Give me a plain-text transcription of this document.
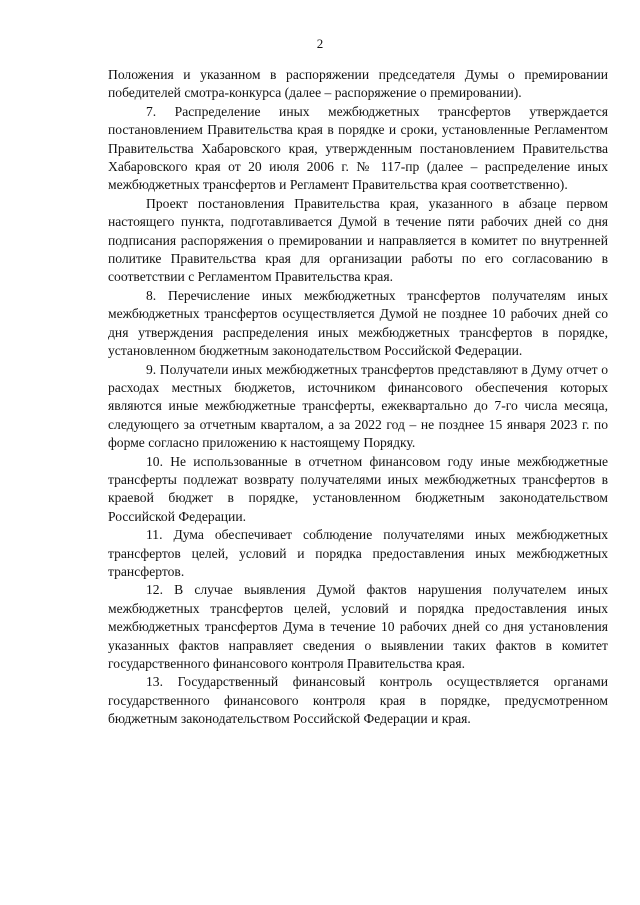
2

Положения и указанном в распоряжении председателя Думы о премировании победителей смотра-конкурса (далее – распоряжение о премировании).

7. Распределение иных межбюджетных трансфертов утверждается постановлением Правительства края в порядке и сроки, установленные Регламентом Правительства Хабаровского края, утвержденным постановлением Правительства Хабаровского края от 20 июля 2006 г. № 117-пр (далее – распределение иных межбюджетных трансфертов и Регламент Правительства края соответственно).

Проект постановления Правительства края, указанного в абзаце первом настоящего пункта, подготавливается Думой в течение пяти рабочих дней со дня подписания распоряжения о премировании и направляется в комитет по внутренней политике Правительства края для организации работы по его согласованию в соответствии с Регламентом Правительства края.

8. Перечисление иных межбюджетных трансфертов получателям иных межбюджетных трансфертов осуществляется Думой не позднее 10 рабочих дней со дня утверждения распределения иных межбюджетных трансфертов в порядке, установленном бюджетным законодательством Российской Федерации.

9. Получатели иных межбюджетных трансфертов представляют в Думу отчет о расходах местных бюджетов, источником финансового обеспечения которых являются иные межбюджетные трансферты, ежеквартально до 7-го числа месяца, следующего за отчетным кварталом, а за 2022 год – не позднее 15 января 2023 г. по форме согласно приложению к настоящему Порядку.

10. Не использованные в отчетном финансовом году иные межбюджетные трансферты подлежат возврату получателями иных межбюджетных трансфертов в краевой бюджет в порядке, установленном бюджетным законодательством Российской Федерации.

11. Дума обеспечивает соблюдение получателями иных межбюджетных трансфертов целей, условий и порядка предоставления иных межбюджетных трансфертов.

12. В случае выявления Думой фактов нарушения получателем иных межбюджетных трансфертов целей, условий и порядка предоставления иных межбюджетных трансфертов Дума в течение 10 рабочих дней со дня установления указанных фактов направляет сведения о выявлении таких фактов в комитет государственного финансового контроля Правительства края.

13. Государственный финансовый контроль осуществляется органами государственного финансового контроля края в порядке, предусмотренном бюджетным законодательством Российской Федерации и края.
